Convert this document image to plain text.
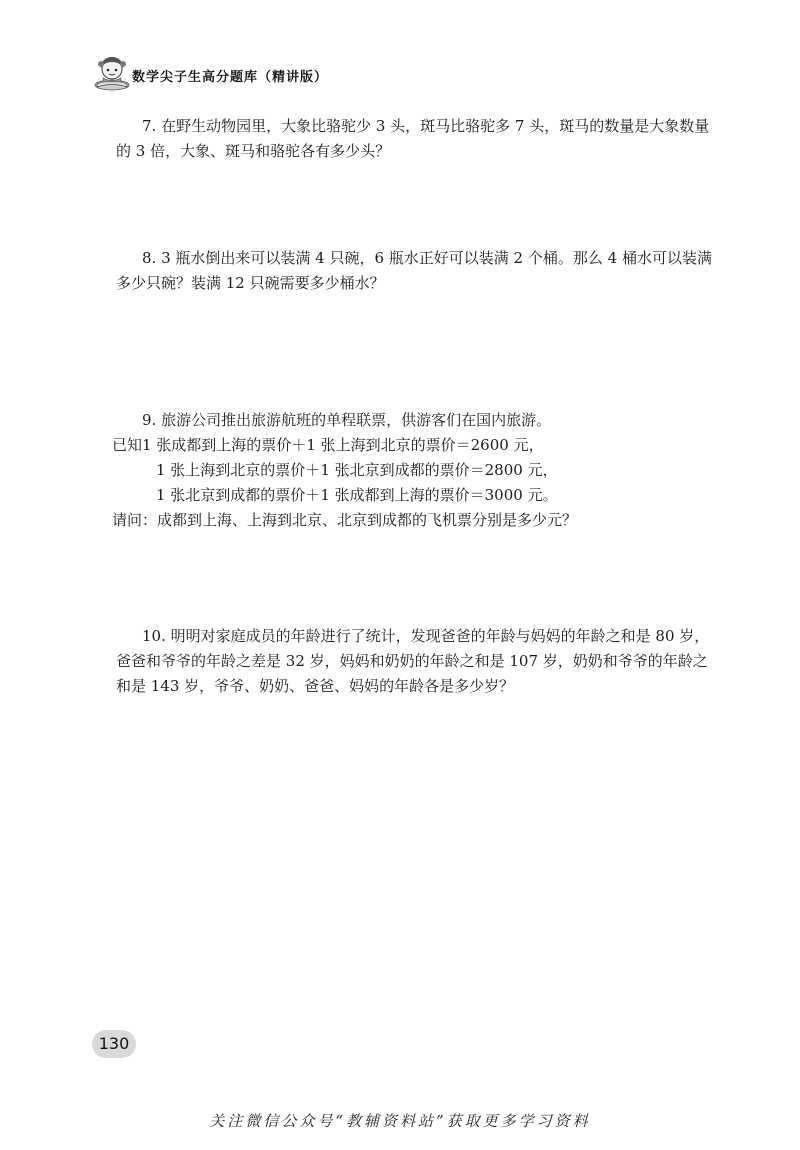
数学尖子生高分题库（精讲版）

7. 在野生动物园里，大象比骆驼少 3 头，斑马比骆驼多 7 头，斑马的数量是大象数量的 3 倍，大象、斑马和骆驼各有多少头？

8. 3 瓶水倒出来可以装满 4 只碗，6 瓶水正好可以装满 2 个桶。那么 4 桶水可以装满多少只碗？装满 12 只碗需要多少桶水？

9. 旅游公司推出旅游航班的单程联票，供游客们在国内旅游。

已知1 张成都到上海的票价＋1 张上海到北京的票价＝2600 元，

1 张上海到北京的票价＋1 张北京到成都的票价＝2800 元，

1 张北京到成都的票价＋1 张成都到上海的票价＝3000 元。

请问：成都到上海、上海到北京、北京到成都的飞机票分别是多少元？

10. 明明对家庭成员的年龄进行了统计，发现爸爸的年龄与妈妈的年龄之和是 80 岁，爸爸和爷爷的年龄之差是 32 岁，妈妈和奶奶的年龄之和是 107 岁，奶奶和爷爷的年龄之和是 143 岁，爷爷、奶奶、爸爸、妈妈的年龄各是多少岁？

130
关注微信公众号“教辅资料站”获取更多学习资料
